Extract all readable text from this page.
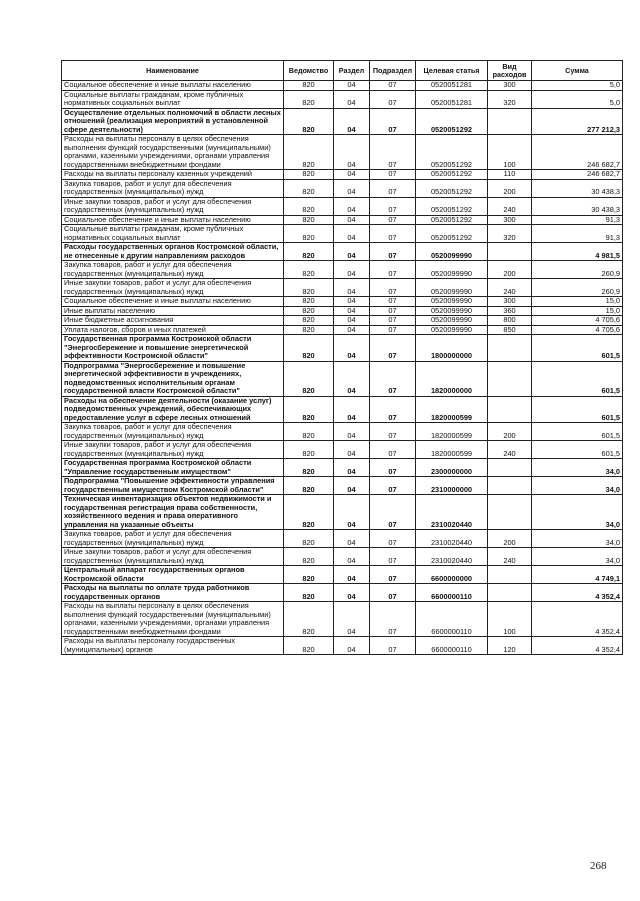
Наименование	Ведомство	Раздел	Подраздел	Целевая статья	Вид расходов	Сумма
Социальное обеспечение и иные выплаты населению	820	04	07	0520051281	300	5,0
Социальные выплаты гражданам, кроме публичных нормативных социальных выплат	820	04	07	0520051281	320	5,0
Осуществление отдельных полномочий в области лесных отношений (реализация мероприятий в установленной сфере деятельности)	820	04	07	0520051292		277 212,3
Расходы на выплаты персоналу в целях обеспечения выполнения функций государственными (муниципальными) органами, казенными учреждениями, органами управления государственными внебюджетными фондами	820	04	07	0520051292	100	246 682,7
Расходы на выплаты персоналу казенных учреждений	820	04	07	0520051292	110	246 682,7
Закупка товаров, работ и услуг для обеспечения государственных (муниципальных) нужд	820	04	07	0520051292	200	30 438,3
Иные закупки товаров, работ и услуг для обеспечения государственных (муниципальных) нужд	820	04	07	0520051292	240	30 438,3
Социальное обеспечение и иные выплаты населению	820	04	07	0520051292	300	91,3
Социальные выплаты гражданам, кроме публичных нормативных социальных выплат	820	04	07	0520051292	320	91,3
Расходы государственных органов Костромской области, не отнесенные к другим направлениям расходов	820	04	07	0520099990		4 981,5
Закупка товаров, работ и услуг для обеспечения государственных (муниципальных) нужд	820	04	07	0520099990	200	260,9
Иные закупки товаров, работ и услуг для обеспечения государственных (муниципальных) нужд	820	04	07	0520099990	240	260,9
Социальное обеспечение и иные выплаты населению	820	04	07	0520099990	300	15,0
Иные выплаты населению	820	04	07	0520099990	360	15,0
Иные бюджетные ассигнования	820	04	07	0520099990	800	4 705,6
Уплата налогов, сборов и иных платежей	820	04	07	0520099990	850	4 705,6
Государственная программа Костромской области "Энергосбережение и повышение энергетической эффективности Костромской области"	820	04	07	1800000000		601,5
Подпрограмма "Энергосбережение и повышение энергетической эффективности в учреждениях, подведомственных исполнительным органам государственной власти Костромской области"	820	04	07	1820000000		601,5
Расходы на обеспечение деятельности (оказание услуг) подведомственных учреждений, обеспечивающих предоставление услуг в сфере лесных отношений	820	04	07	1820000599		601,5
Закупка товаров, работ и услуг для обеспечения государственных (муниципальных) нужд	820	04	07	1820000599	200	601,5
Иные закупки товаров, работ и услуг для обеспечения государственных (муниципальных) нужд	820	04	07	1820000599	240	601,5
Государственная программа Костромской области "Управление государственным имуществом"	820	04	07	2300000000		34,0
Подпрограмма "Повышение эффективности управления государственным имуществом Костромской области"	820	04	07	2310000000		34,0
Техническая инвентаризация объектов недвижимости и государственная регистрация права собственности, хозяйственного ведения и права оперативного управления на указанные объекты	820	04	07	2310020440		34,0
Закупка товаров, работ и услуг для обеспечения государственных (муниципальных) нужд	820	04	07	2310020440	200	34,0
Иные закупки товаров, работ и услуг для обеспечения государственных (муниципальных) нужд	820	04	07	2310020440	240	34,0
Центральный аппарат государственных органов Костромской области	820	04	07	6600000000		4 749,1
Расходы на выплаты по оплате труда работников государственных органов	820	04	07	6600000110		4 352,4
Расходы на выплаты персоналу в целях обеспечения выполнения функций государственными (муниципальными) органами, казенными учреждениями, органами управления государственными внебюджетными фондами	820	04	07	6600000110	100	4 352,4
Расходы на выплаты персоналу государственных (муниципальных) органов	820	04	07	6600000110	120	4 352,4
268
